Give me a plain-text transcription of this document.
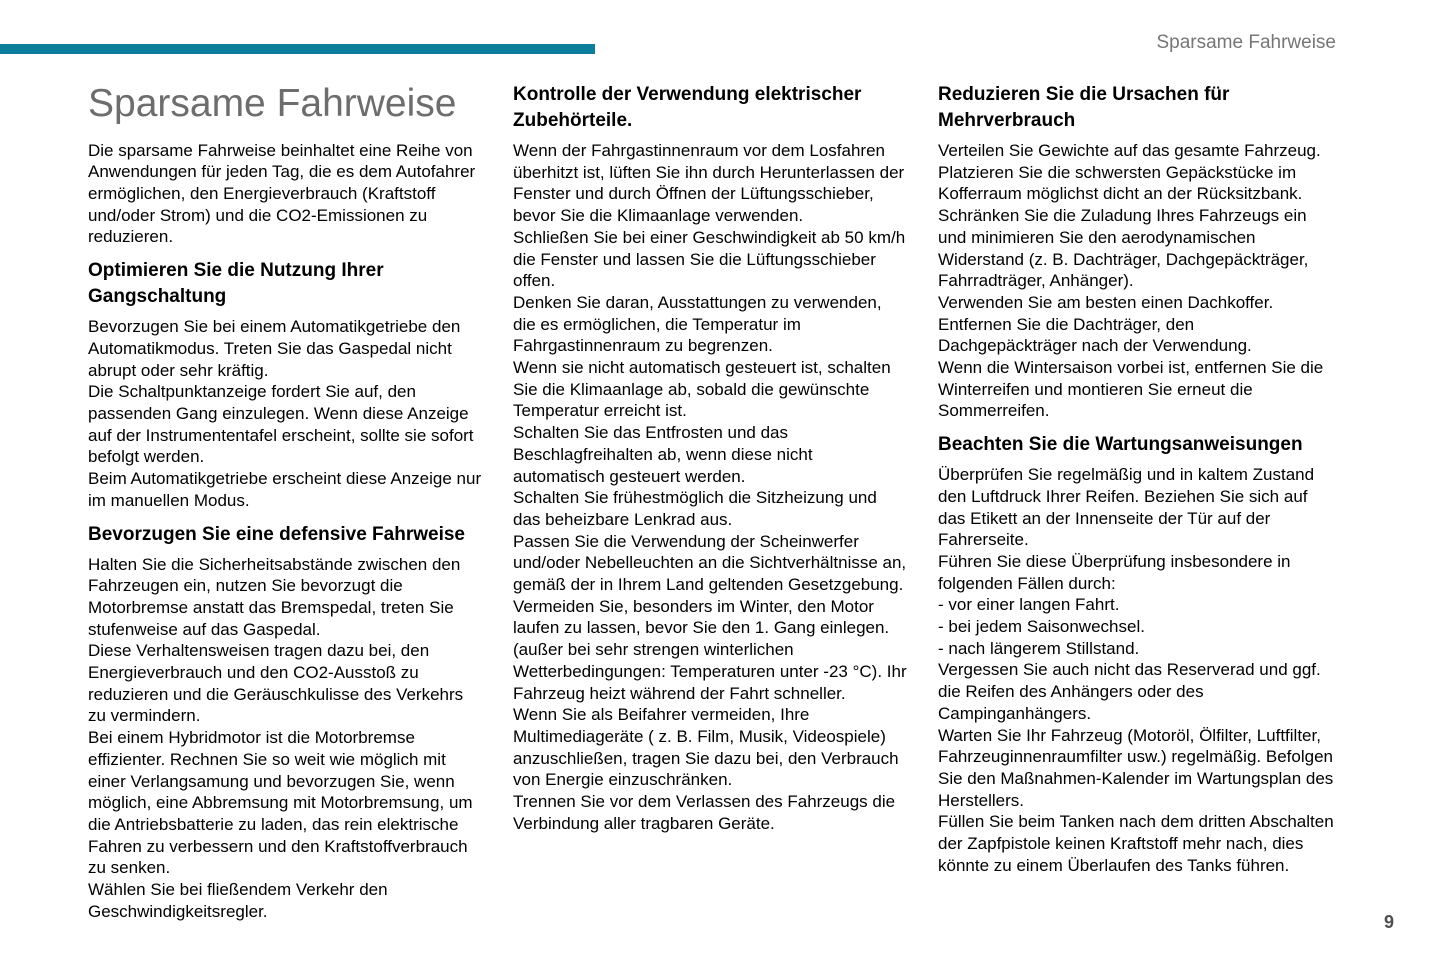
Sparsame Fahrweise
Sparsame Fahrweise

Die sparsame Fahrweise beinhaltet eine Reihe von Anwendungen für jeden Tag, die es dem Autofahrer ermöglichen, den Energieverbrauch (Kraftstoff und/oder Strom) und die CO2-Emissionen zu reduzieren.

Optimieren Sie die Nutzung Ihrer Gangschaltung

Bevorzugen Sie bei einem Automatikgetriebe den Automatikmodus. Treten Sie das Gaspedal nicht abrupt oder sehr kräftig.

Die Schaltpunktanzeige fordert Sie auf, den passenden Gang einzulegen. Wenn diese Anzeige auf der Instrumententafel erscheint, sollte sie sofort befolgt werden.

Beim Automatikgetriebe erscheint diese Anzeige nur im manuellen Modus.

Bevorzugen Sie eine defensive Fahrweise

Halten Sie die Sicherheitsabstände zwischen den Fahrzeugen ein, nutzen Sie bevorzugt die Motorbremse anstatt das Bremspedal, treten Sie stufenweise auf das Gaspedal.

Diese Verhaltensweisen tragen dazu bei, den Energieverbrauch und den CO2-Ausstoß zu reduzieren und die Geräuschkulisse des Verkehrs zu vermindern.

Bei einem Hybridmotor ist die Motorbremse effizienter. Rechnen Sie so weit wie möglich mit einer Verlangsamung und bevorzugen Sie, wenn möglich, eine Abbremsung mit Motorbremsung, um die Antriebsbatterie zu laden, das rein elektrische Fahren zu verbessern und den Kraftstoffverbrauch zu senken.

Wählen Sie bei fließendem Verkehr den Geschwindigkeitsregler.

Kontrolle der Verwendung elektrischer Zubehörteile.

Wenn der Fahrgastinnenraum vor dem Losfahren überhitzt ist, lüften Sie ihn durch Herunterlassen der Fenster und durch Öffnen der Lüftungsschieber, bevor Sie die Klimaanlage verwenden.

Schließen Sie bei einer Geschwindigkeit ab 50 km/h die Fenster und lassen Sie die Lüftungsschieber offen.

Denken Sie daran, Ausstattungen zu verwenden, die es ermöglichen, die Temperatur im Fahrgastinnenraum zu begrenzen.

Wenn sie nicht automatisch gesteuert ist, schalten Sie die Klimaanlage ab, sobald die gewünschte Temperatur erreicht ist.

Schalten Sie das Entfrosten und das Beschlagfreihalten ab, wenn diese nicht automatisch gesteuert werden.

Schalten Sie frühestmöglich die Sitzheizung und das beheizbare Lenkrad aus.

Passen Sie die Verwendung der Scheinwerfer und/oder Nebelleuchten an die Sichtverhältnisse an, gemäß der in Ihrem Land geltenden Gesetzgebung.

Vermeiden Sie, besonders im Winter, den Motor laufen zu lassen, bevor Sie den 1. Gang einlegen.(außer bei sehr strengen winterlichen Wetterbedingungen: Temperaturen unter -23 °C). Ihr Fahrzeug heizt während der Fahrt schneller.

Wenn Sie als Beifahrer vermeiden, Ihre Multimediageräte ( z. B. Film, Musik, Videospiele) anzuschließen, tragen Sie dazu bei, den Verbrauch von Energie einzuschränken.

Trennen Sie vor dem Verlassen des Fahrzeugs die Verbindung aller tragbaren Geräte.

Reduzieren Sie die Ursachen für Mehrverbrauch

Verteilen Sie Gewichte auf das gesamte Fahrzeug. Platzieren Sie die schwersten Gepäckstücke im Kofferraum möglichst dicht an der Rücksitzbank.

Schränken Sie die Zuladung Ihres Fahrzeugs ein und minimieren Sie den aerodynamischen Widerstand (z. B. Dachträger, Dachgepäckträger, Fahrradträger, Anhänger).

Verwenden Sie am besten einen Dachkoffer.

Entfernen Sie die Dachträger, den Dachgepäckträger nach der Verwendung.

Wenn die Wintersaison vorbei ist, entfernen Sie die Winterreifen und montieren Sie erneut die Sommerreifen.

Beachten Sie die Wartungsanweisungen

Überprüfen Sie regelmäßig und in kaltem Zustand den Luftdruck Ihrer Reifen. Beziehen Sie sich auf das Etikett an der Innenseite der Tür auf der Fahrerseite.

Führen Sie diese Überprüfung insbesondere in folgenden Fällen durch:

- vor einer langen Fahrt.

- bei jedem Saisonwechsel.

- nach längerem Stillstand.

Vergessen Sie auch nicht das Reserverad und ggf. die Reifen des Anhängers oder des Campinganhängers.

Warten Sie Ihr Fahrzeug (Motoröl, Ölfilter, Luftfilter, Fahrzeuginnenraumfilter usw.) regelmäßig. Befolgen Sie den Maßnahmen-Kalender im Wartungsplan des Herstellers.

Füllen Sie beim Tanken nach dem dritten Abschalten der Zapfpistole keinen Kraftstoff mehr nach, dies könnte zu einem Überlaufen des Tanks führen.

9
